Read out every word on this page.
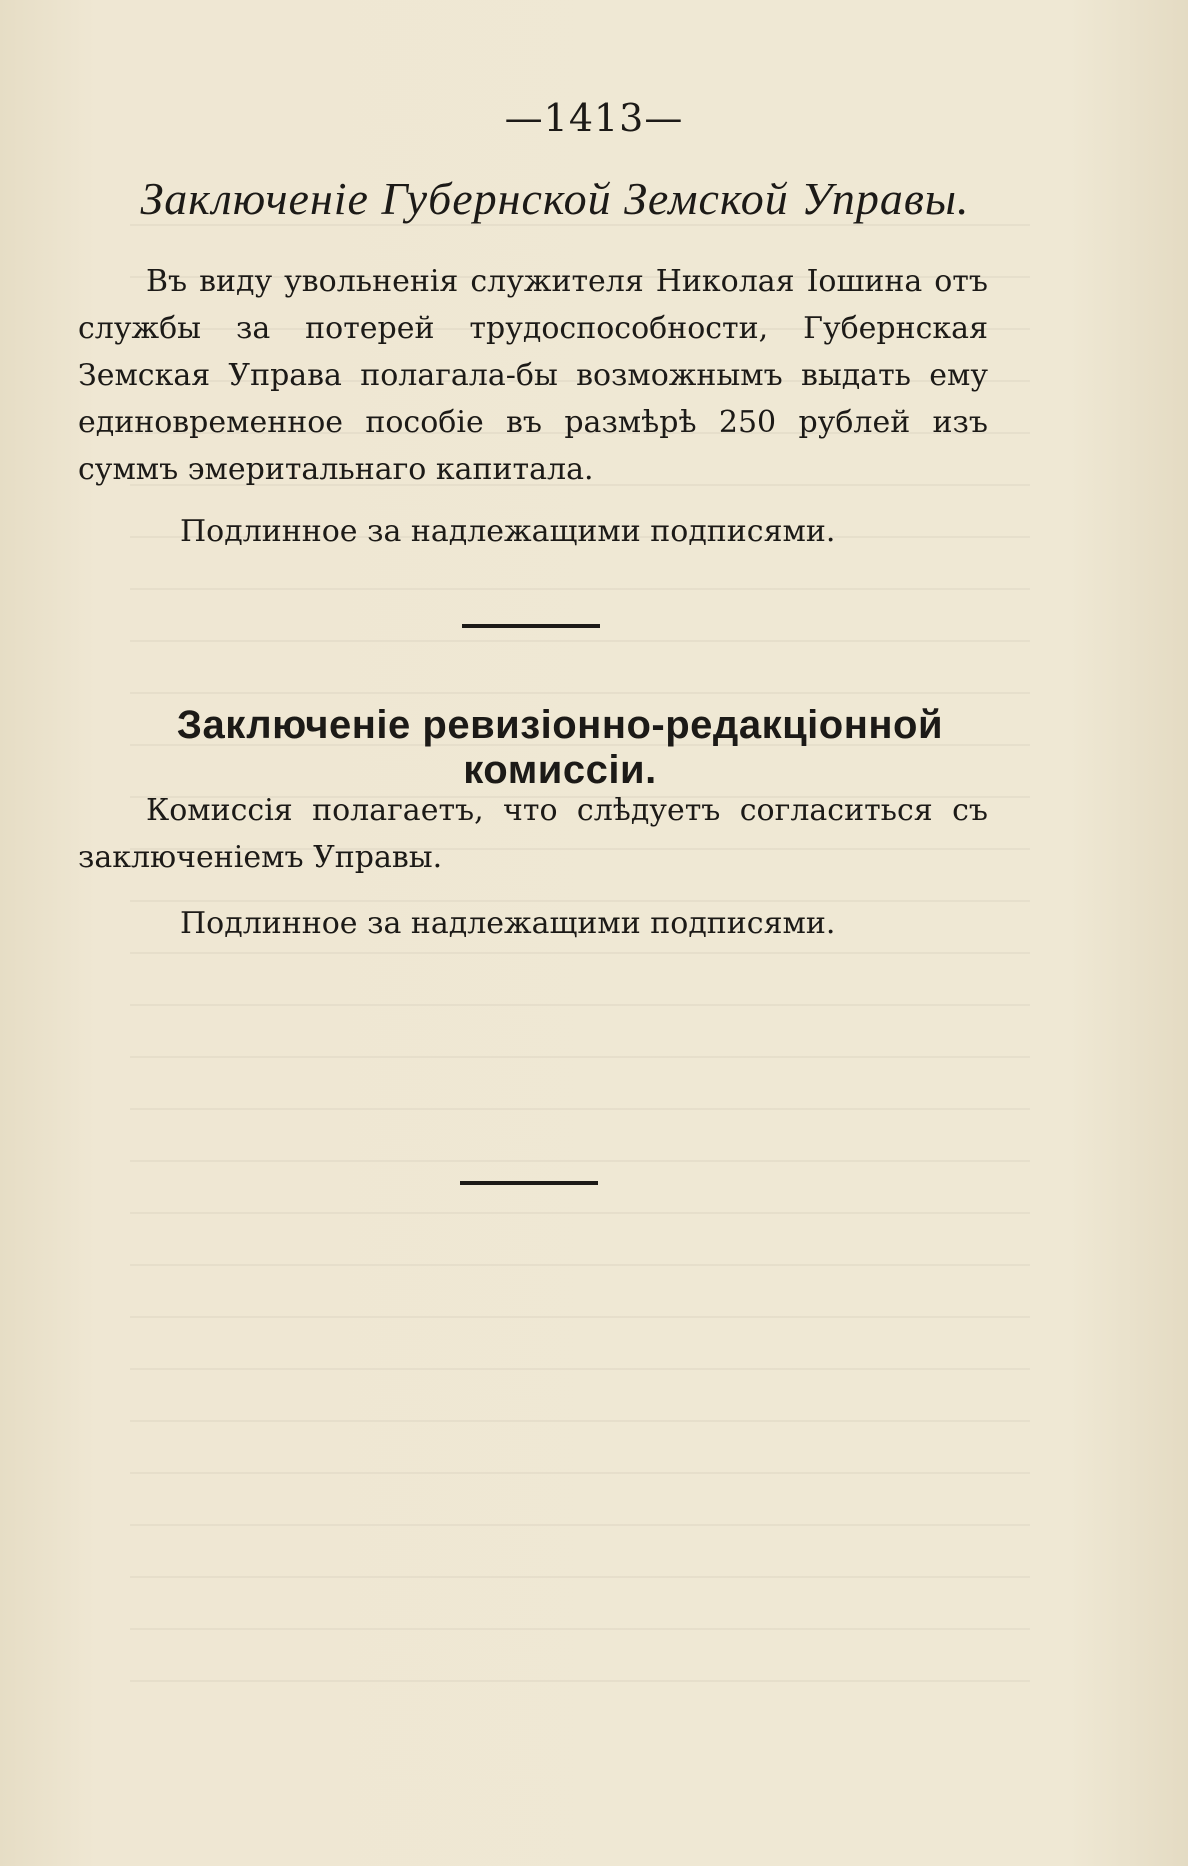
—1413—
Заключенiе Губернской Земской Управы.

Въ виду увольненiя служителя Николая Iошина отъ службы за потерей трудоспособности, Губернская Земская Управа полагала-бы возможнымъ выдать ему единовременное пособiе въ размѣрѣ 250 рублей изъ суммъ эмеритальнаго капитала.

Подлинное за надлежащими подписями.

Заключенiе ревизiонно-редакцiонной комиссiи.

Комиссiя полагаетъ, что слѣдуетъ согласиться съ заключенiемъ Управы.

Подлинное за надлежащими подписями.
